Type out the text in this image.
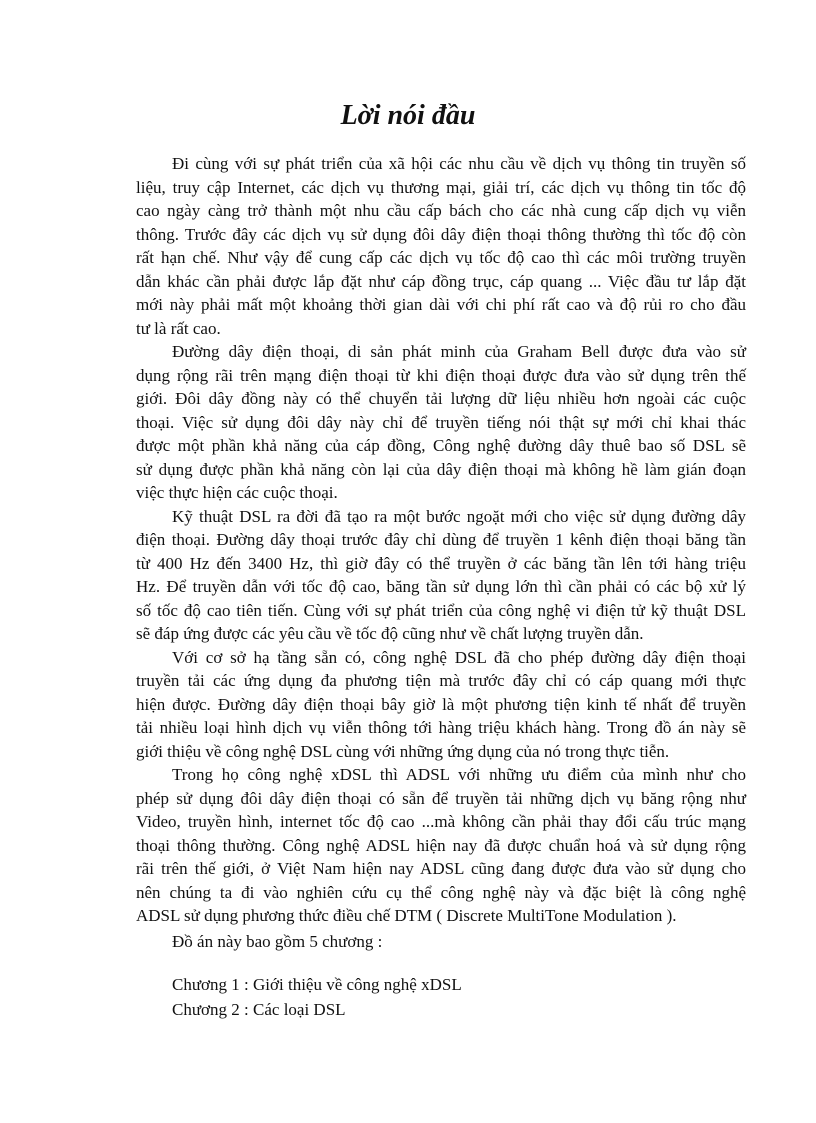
Lời nói đầu
Đi cùng với sự phát triển của xã hội các nhu cầu về dịch vụ thông tin truyền số
liệu, truy cập Internet, các dịch vụ thương mại, giải trí, các dịch vụ thông tin tốc độ
cao ngày càng trở thành một nhu cầu cấp bách cho các nhà cung cấp dịch vụ viễn
thông. Trước đây các dịch vụ sử dụng đôi dây điện thoại thông thường thì tốc độ còn
rất hạn chế. Như vậy để cung cấp các dịch vụ tốc độ cao thì các môi trường truyền
dẫn khác cần phải được lắp đặt như cáp đồng trục, cáp quang ... Việc đầu tư lắp đặt
mới này phải mất một khoảng thời gian dài với chi phí rất cao và độ rủi ro cho đầu
tư là rất cao.
Đường dây điện thoại, di sản phát minh của Graham Bell được đưa vào sử
dụng rộng rãi trên mạng điện thoại từ khi điện thoại được đưa vào sử dụng trên thế
giới. Đôi dây đồng này có thể chuyển tải lượng dữ liệu nhiều hơn ngoài các cuộc
thoại. Việc sử dụng đôi dây này chỉ để truyền tiếng nói thật sự mới chỉ khai thác
được một phần khả năng của cáp đồng, Công nghệ đường dây thuê bao số DSL sẽ
sử dụng được phần khả năng còn lại của dây điện thoại mà không hề làm gián đoạn
việc thực hiện các cuộc thoại.
Kỹ thuật DSL ra đời đã tạo ra một bước ngoặt mới cho việc sử dụng đường dây
điện thoại. Đường dây thoại trước đây chỉ dùng để truyền 1 kênh điện thoại băng tần
từ 400 Hz đến 3400 Hz, thì giờ đây có thể truyền ở các băng tần lên tới hàng triệu
Hz. Để truyền dẫn với tốc độ cao, băng tần sử dụng lớn thì cần phải có các bộ xử lý
số tốc độ cao tiên tiến. Cùng với sự phát triển của công nghệ vi điện tử kỹ thuật DSL
sẽ đáp ứng được các yêu cầu về tốc độ cũng như về chất lượng truyền dẫn.
Với cơ sở hạ tầng sẵn có, công nghệ DSL đã cho phép đường dây điện thoại
truyền tải các ứng dụng đa phương tiện mà trước đây chỉ có cáp quang mới thực
hiện được. Đường dây điện thoại bây giờ là một phương tiện kinh tế nhất để truyền
tải nhiều loại hình dịch vụ viễn thông tới hàng triệu khách hàng. Trong đồ án này sẽ
giới thiệu về công nghệ DSL cùng với những ứng dụng của nó trong thực tiễn.
Trong họ công nghệ xDSL thì ADSL với những ưu điểm của mình như cho
phép sử dụng đôi dây điện thoại có sẵn để truyền tải những dịch vụ băng rộng như
Video, truyền hình, internet tốc độ cao ...mà không cần phải thay đổi cấu trúc mạng
thoại thông thường. Công nghệ ADSL hiện nay đã được chuẩn hoá và sử dụng rộng
rãi trên thế giới, ở Việt Nam hiện nay ADSL cũng đang được đưa vào sử dụng cho
nên chúng ta đi vào nghiên cứu cụ thể công nghệ này và đặc biệt là công nghệ
ADSL sử dụng phương thức điều chế DTM ( Discrete MultiTone Modulation ).
Đồ án này bao gồm 5 chương :
Chương 1 : Giới thiệu về công nghệ xDSL
Chương 2 : Các loại DSL
